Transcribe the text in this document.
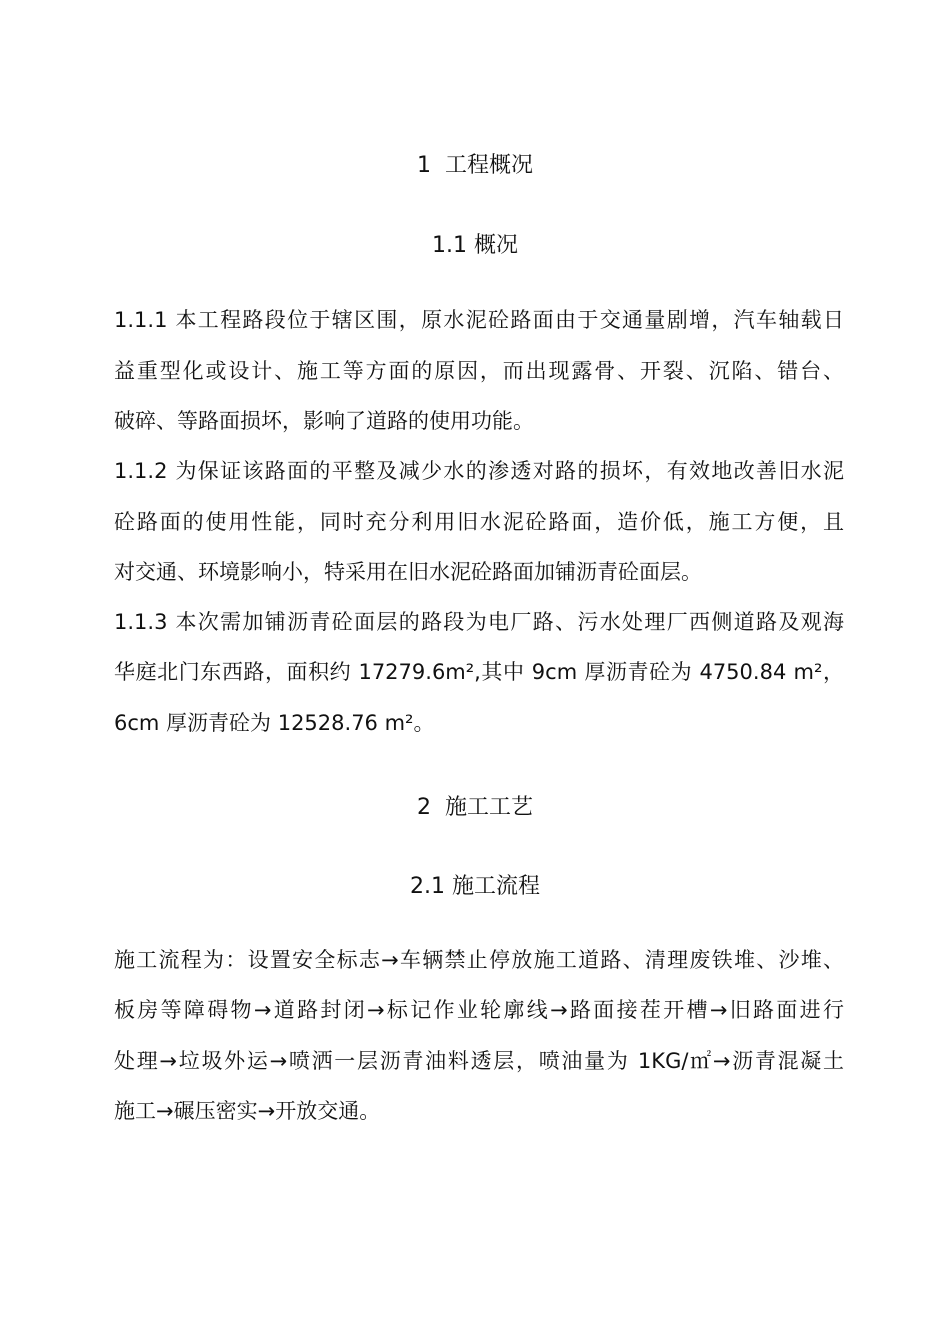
1  工程概况
1.1 概况
1.1.1 本工程路段位于辖区围，原水泥砼路面由于交通量剧增，汽车轴载日
益重型化或设计、施工等方面的原因，而出现露骨、开裂、沉陷、错台、
破碎、等路面损坏，影响了道路的使用功能。
1.1.2 为保证该路面的平整及减少水的渗透对路的损坏，有效地改善旧水泥
砼路面的使用性能，同时充分利用旧水泥砼路面，造价低，施工方便，且
对交通、环境影响小，特采用在旧水泥砼路面加铺沥青砼面层。
1.1.3 本次需加铺沥青砼面层的路段为电厂路、污水处理厂西侧道路及观海
华庭北门东西路，面积约 17279.6m²,其中 9cm 厚沥青砼为 4750.84 m²，
6cm 厚沥青砼为 12528.76 m²。
2  施工工艺
2.1 施工流程
施工流程为：设置安全标志→车辆禁止停放施工道路、清理废铁堆、沙堆、
板房等障碍物→道路封闭→标记作业轮廓线→路面接茬开槽→旧路面进行
处理→垃圾外运→喷洒一层沥青油料透层，喷油量为 1KG/㎡→沥青混凝土
施工→碾压密实→开放交通。
